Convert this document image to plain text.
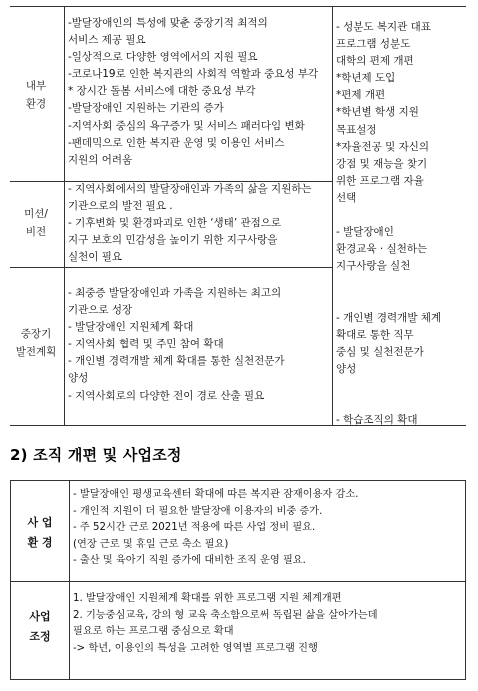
내부
환경
-발달장애인의 특성에 맞춘 중장기적 최적의
서비스 제공 필요
-일상적으로 다양한 영역에서의 지원 필요
-코로나19로 인한 복지관의 사회적 역할과 중요성 부각
* 장시간 돌봄 서비스에 대한 중요성 부각
-발달장애인 지원하는 기관의 증가
-지역사회 중심의 욕구증가 및 서비스 패러다임 변화
-팬데믹으로 인한 복지관 운영 및 이용인 서비스
지원의 어려움
미션/
비전
- 지역사회에서의 발달장애인과 가족의 삶을 지원하는
기관으로의 발전 필요 .
- 기후변화 및 환경파괴로 인한 ‘생태’ 관점으로
지구 보호의 민감성을 높이기 위한 지구사랑을
실천이 필요
중장기
발전계획
- 최중증 발달장애인과 가족을 지원하는 최고의
기관으로 성장
- 발달장애인 지원체계 확대
- 지역사회 협력 및 주민 참여 확대
- 개인별 경력개발 체계 확대를 통한 실천전문가
양성
- 지역사회로의 다양한 전이 경로 산출 필요
- 성분도 복지관 대표
프로그램 성분도
대학의 편제 개편
*학년제 도입
*편제 개편
*학년별 학생 지원
목표설정
*자율전공 및 자신의
강점 및 재능을 찾기
위한 프로그램 자율
선택

- 발달장애인
환경교육 · 실천하는
지구사랑을 실천

- 개인별 경력개발 체계
확대로 통한 직무
중심 및 실천전문가
양성

- 학습조직의 확대
2) 조직 개편 및 사업조정
사 업
환 경
- 발달장애인 평생교육센터 확대에 따른 복지관 잠재이용자 감소.
- 개인적 지원이 더 필요한 발달장애 이용자의 비중 증가.
- 주 52시간 근로 2021년 적용에 따른 사업 정비 필요.
(연장 근로 및 휴일 근로 축소 필요)
- 출산 및 육아기 직원 증가에 대비한 조직 운영 필요.
사업
조정
1. 발달장애인 지원체계 확대를 위한 프로그램 지원 체계개편
2. 기능중심교육, 강의 형 교육 축소함으로써 독립된 삶을 살아가는데
필요로 하는 프로그램 중심으로 확대
-> 학년, 이용인의 특성을 고려한 영역별 프로그램 진행
